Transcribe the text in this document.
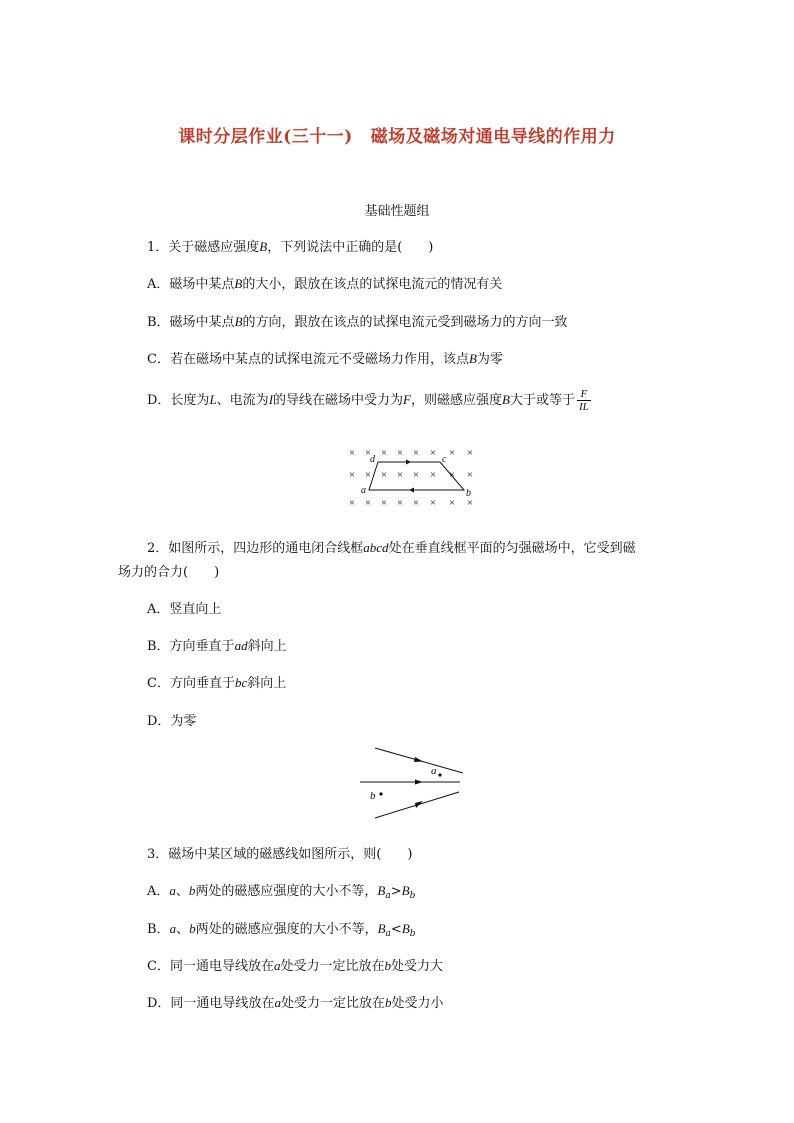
课时分层作业(三十一) 磁场及磁场对通电导线的作用力
基础性题组
1．关于磁感应强度B，下列说法中正确的是(　　)
A．磁场中某点B的大小，跟放在该点的试探电流元的情况有关
B．磁场中某点B的方向，跟放在该点的试探电流元受到磁场力的方向一致
C．若在磁场中某点的试探电流元不受磁场力作用，该点B为零
D．长度为L、电流为I的导线在磁场中受力为F，则磁感应强度B大于或等于 $\frac{F}{IL}$
× × × × × × × ×
× × × × × × × ×
× × × × × × × ×
d	c
a	b
2．如图所示，四边形的通电闭合线框abcd处在垂直线框平面的匀强磁场中，它受到磁
场力的合力(　　)
A．竖直向上
B．方向垂直于ad斜向上
C．方向垂直于bc斜向上
D．为零
a
b
3．磁场中某区域的磁感线如图所示，则(　　)
A．a、b两处的磁感应强度的大小不等，$B_a>B_b$
B．a、b两处的磁感应强度的大小不等，$B_a<B_b$
C．同一通电导线放在a处受力一定比放在b处受力大
D．同一通电导线放在a处受力一定比放在b处受力小
